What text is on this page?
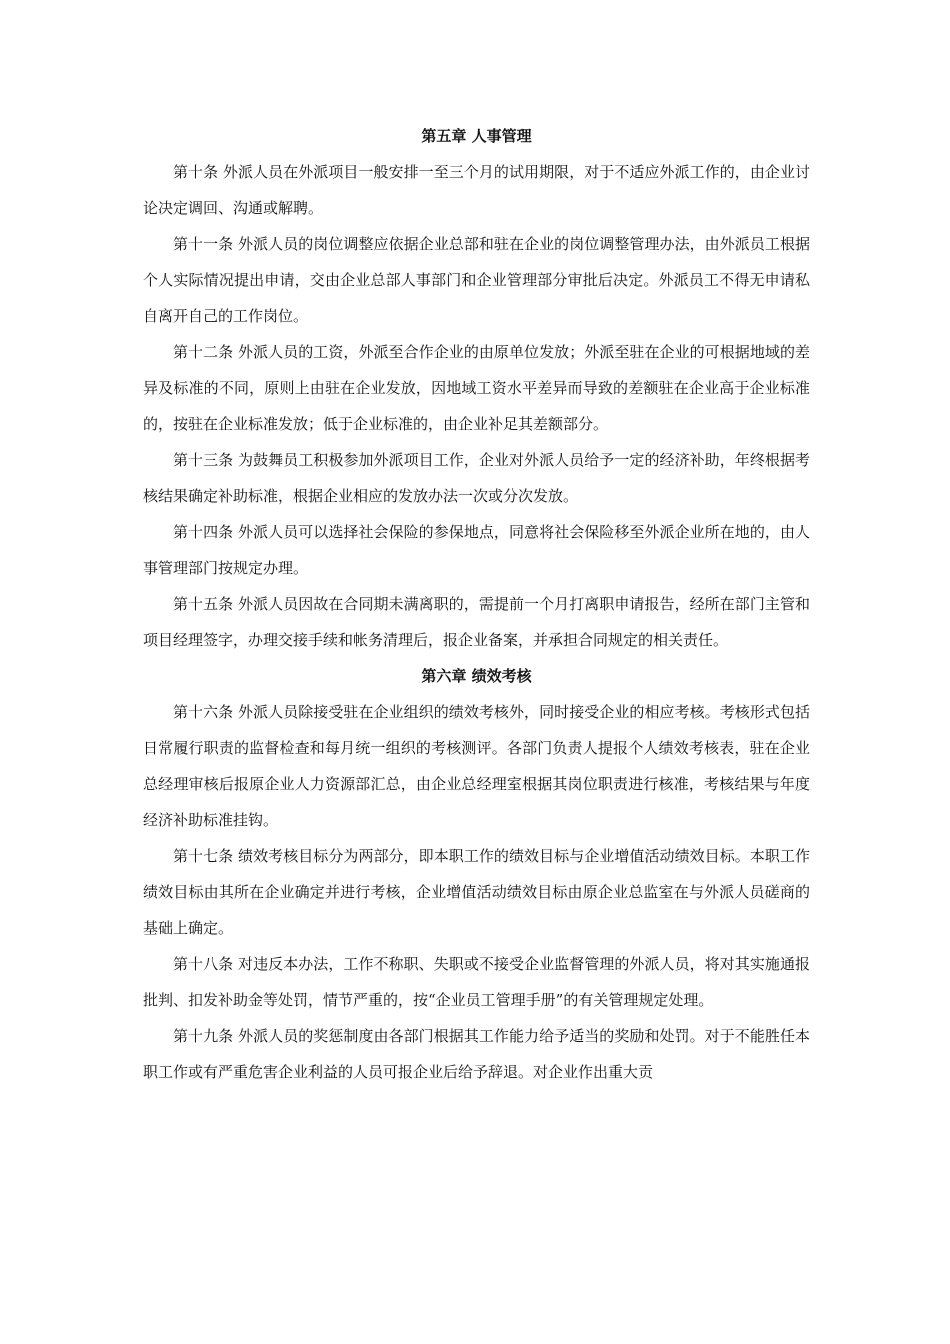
第五章 人事管理

第十条 外派人员在外派项目一般安排一至三个月的试用期限，对于不适应外派工作的，由企业讨论决定调回、沟通或解聘。

第十一条 外派人员的岗位调整应依据企业总部和驻在企业的岗位调整管理办法，由外派员工根据个人实际情况提出申请，交由企业总部人事部门和企业管理部分审批后决定。外派员工不得无申请私自离开自己的工作岗位。

第十二条 外派人员的工资，外派至合作企业的由原单位发放；外派至驻在企业的可根据地域的差异及标准的不同，原则上由驻在企业发放，因地域工资水平差异而导致的差额驻在企业高于企业标准的，按驻在企业标准发放；低于企业标准的，由企业补足其差额部分。

第十三条 为鼓舞员工积极参加外派项目工作，企业对外派人员给予一定的经济补助，年终根据考核结果确定补助标准，根据企业相应的发放办法一次或分次发放。

第十四条 外派人员可以选择社会保险的参保地点，同意将社会保险移至外派企业所在地的，由人事管理部门按规定办理。

第十五条 外派人员因故在合同期未满离职的，需提前一个月打离职申请报告，经所在部门主管和项目经理签字，办理交接手续和帐务清理后，报企业备案，并承担合同规定的相关责任。

第六章 绩效考核

第十六条 外派人员除接受驻在企业组织的绩效考核外，同时接受企业的相应考核。考核形式包括日常履行职责的监督检查和每月统一组织的考核测评。各部门负责人提报个人绩效考核表，驻在企业总经理审核后报原企业人力资源部汇总，由企业总经理室根据其岗位职责进行核准，考核结果与年度经济补助标准挂钩。

第十七条 绩效考核目标分为两部分，即本职工作的绩效目标与企业增值活动绩效目标。本职工作绩效目标由其所在企业确定并进行考核，企业增值活动绩效目标由原企业总监室在与外派人员磋商的基础上确定。

第十八条 对违反本办法，工作不称职、失职或不接受企业监督管理的外派人员，将对其实施通报批判、扣发补助金等处罚，情节严重的，按“企业员工管理手册”的有关管理规定处理。

第十九条 外派人员的奖惩制度由各部门根据其工作能力给予适当的奖励和处罚。对于不能胜任本职工作或有严重危害企业利益的人员可报企业后给予辞退。对企业作出重大贡
